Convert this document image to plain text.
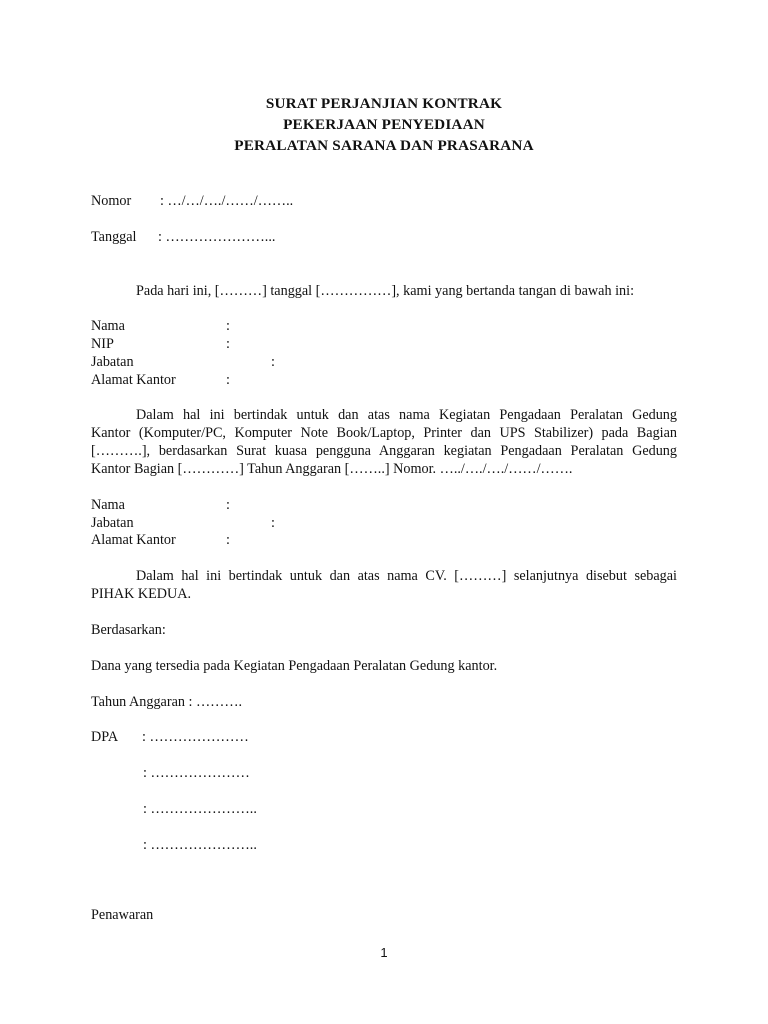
SURAT PERJANJIAN KONTRAK
PEKERJAAN PENYEDIAAN
PERALATAN SARANA DAN PRASARANA
Nomor : …/…/…./……/……..
Tanggal : …………………...
Pada hari ini, [………] tanggal [……………], kami yang bertanda tangan di bawah ini:
Nama	:
NIP	:
Jabatan	:
Alamat Kantor	:
Dalam hal ini bertindak untuk dan atas nama Kegiatan Pengadaan Peralatan Gedung
Kantor (Komputer/PC, Komputer Note Book/Laptop, Printer dan UPS Stabilizer) pada Bagian
[……….], berdasarkan Surat kuasa pengguna Anggaran kegiatan Pengadaan Peralatan Gedung
Kantor Bagian […………] Tahun Anggaran [……..] Nomor. …../…./…./……/…….
Nama	:
Jabatan	:
Alamat Kantor	:
Dalam hal ini bertindak untuk dan atas nama CV. [………] selanjutnya disebut sebagai
PIHAK KEDUA.
Berdasarkan:
Dana yang tersedia pada Kegiatan Pengadaan Peralatan Gedung kantor.
Tahun Anggaran : ……….
DPA : …………………
: …………………
: …………………..
: …………………..
Penawaran
1
